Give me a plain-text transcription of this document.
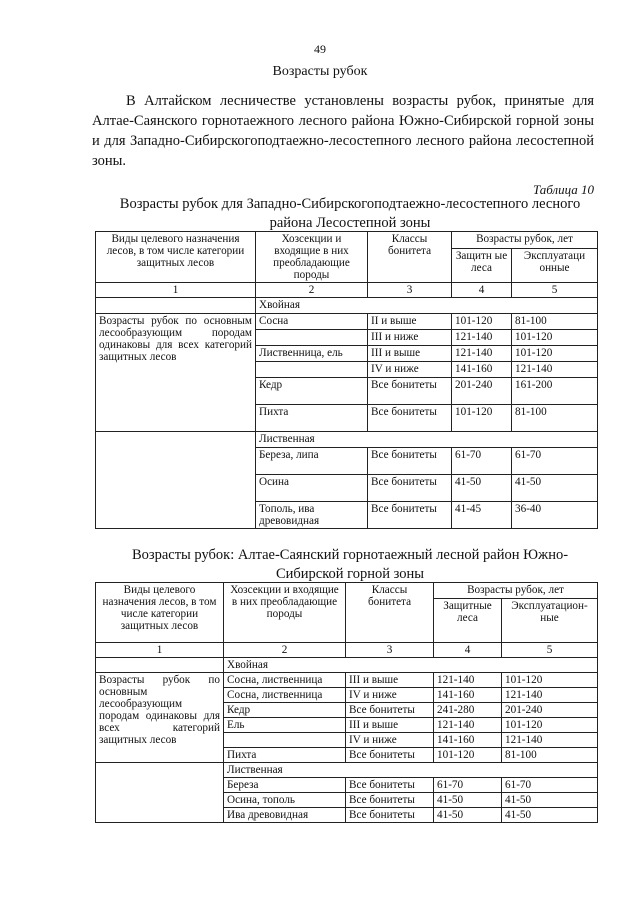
49
Возрасты рубок

В Алтайском лесничестве установлены возрасты рубок, принятые для Алтае-Саянского горнотаежного лесного района Южно-Сибирской горной зоны и для Западно-Сибирскогоподтаежно-лесостепного лесного района лесостепной зоны.

Таблица 10
Возрасты рубок для Западно-Сибирскогоподтаежно-лесостепного лесного района Лесостепной зоны
Виды целевого назначения лесов, в том числе категории защитных лесов	Хозсекции и входящие в них преобладающие породы	Классы бонитета	Возрасты рубок, лет	
			Защитн ые леса	Эксплуатаци онные
1	2	3	4	5
	Хвойная			
Возрасты рубок по основным лесообразующим породам одинаковы для всех категорий защитных лесов	Сосна	II и выше	101-120	81-100
		III и ниже	121-140	101-120
	Лиственница, ель	III и выше	121-140	101-120
		IV и ниже	141-160	121-140
	Кедр	Все бонитеты	201-240	161-200
	Пихта	Все бонитеты	101-120	81-100
	Лиственная			
	Береза, липа	Все бонитеты	61-70	61-70
	Осина	Все бонитеты	41-50	41-50
	Тополь, ива древовидная	Все бонитеты	41-45	36-40
Возрасты рубок: Алтае-Саянский горнотаежный лесной район Южно-Сибирской горной зоны
Виды целевого назначения лесов, в том числе категории защитных лесов	Хозсекции и входящие в них преобладающие породы	Классы бонитета	Возрасты рубок, лет	
			Защитные леса	Эксплуатацион-ные
1	2	3	4	5
	Хвойная			
Возрасты рубок по основным лесообразующим породам одинаковы для всех категорий защитных лесов	Сосна, лиственница	III и выше	121-140	101-120
	Сосна, лиственница	IV и ниже	141-160	121-140
	Кедр	Все бонитеты	241-280	201-240
	Ель	III и выше	121-140	101-120
		IV и ниже	141-160	121-140
	Пихта	Все бонитеты	101-120	81-100
	Лиственная			
	Береза	Все бонитеты	61-70	61-70
	Осина, тополь	Все бонитеты	41-50	41-50
	Ива древовидная	Все бонитеты	41-50	41-50
